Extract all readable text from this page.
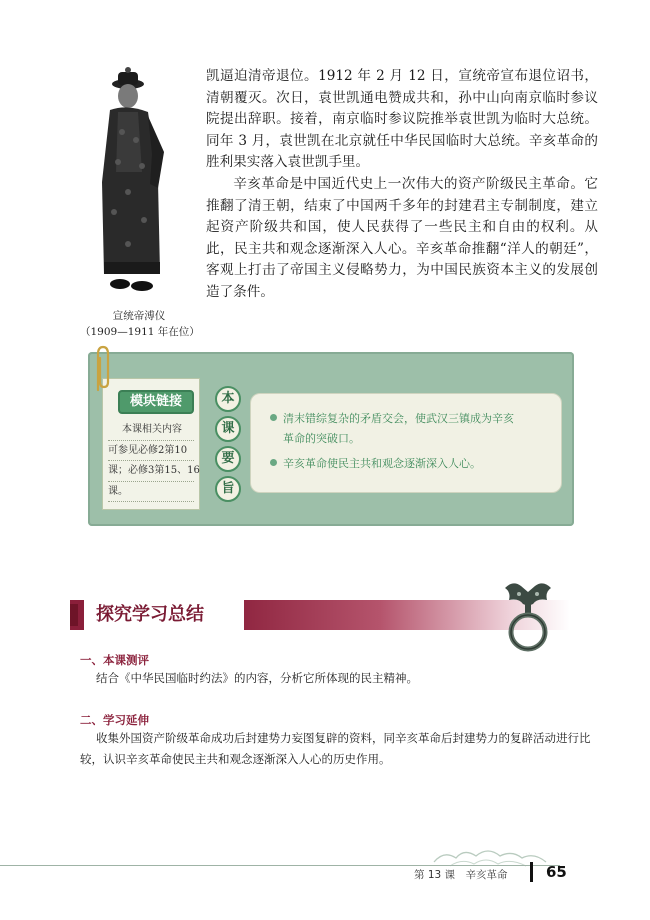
宣统帝溥仪
（1909—1911 年在位）

凯逼迫清帝退位。1912 年 2 月 12 日，宣统帝宣布退位诏书，清朝覆灭。次日，袁世凯通电赞成共和，孙中山向南京临时参议院提出辞职。接着，南京临时参议院推举袁世凯为临时大总统。同年 3 月，袁世凯在北京就任中华民国临时大总统。辛亥革命的胜利果实落入袁世凯手里。

辛亥革命是中国近代史上一次伟大的资产阶级民主革命。它推翻了清王朝，结束了中国两千多年的封建君主专制制度，建立起资产阶级共和国，使人民获得了一些民主和自由的权利。从此，民主共和观念逐渐深入人心。辛亥革命推翻“洋人的朝廷”，客观上打击了帝国主义侵略势力，为中国民族资本主义的发展创造了条件。

模块链接
本课相关内容
可参见必修2第10
课；必修3第15、16
课。
本
课
要
旨
清末错综复杂的矛盾交会，使武汉三镇成为辛亥
革命的突破口。
辛亥革命使民主共和观念逐渐深入人心。
探究学习总结
一、本课测评
结合《中华民国临时约法》的内容，分析它所体现的民主精神。
二、学习延伸
收集外国资产阶级革命成功后封建势力妄图复辟的资料，同辛亥革命后封建势力的复辟活动进行比
较，认识辛亥革命使民主共和观念逐渐深入人心的历史作用。
第 13 课　辛亥革命	65
